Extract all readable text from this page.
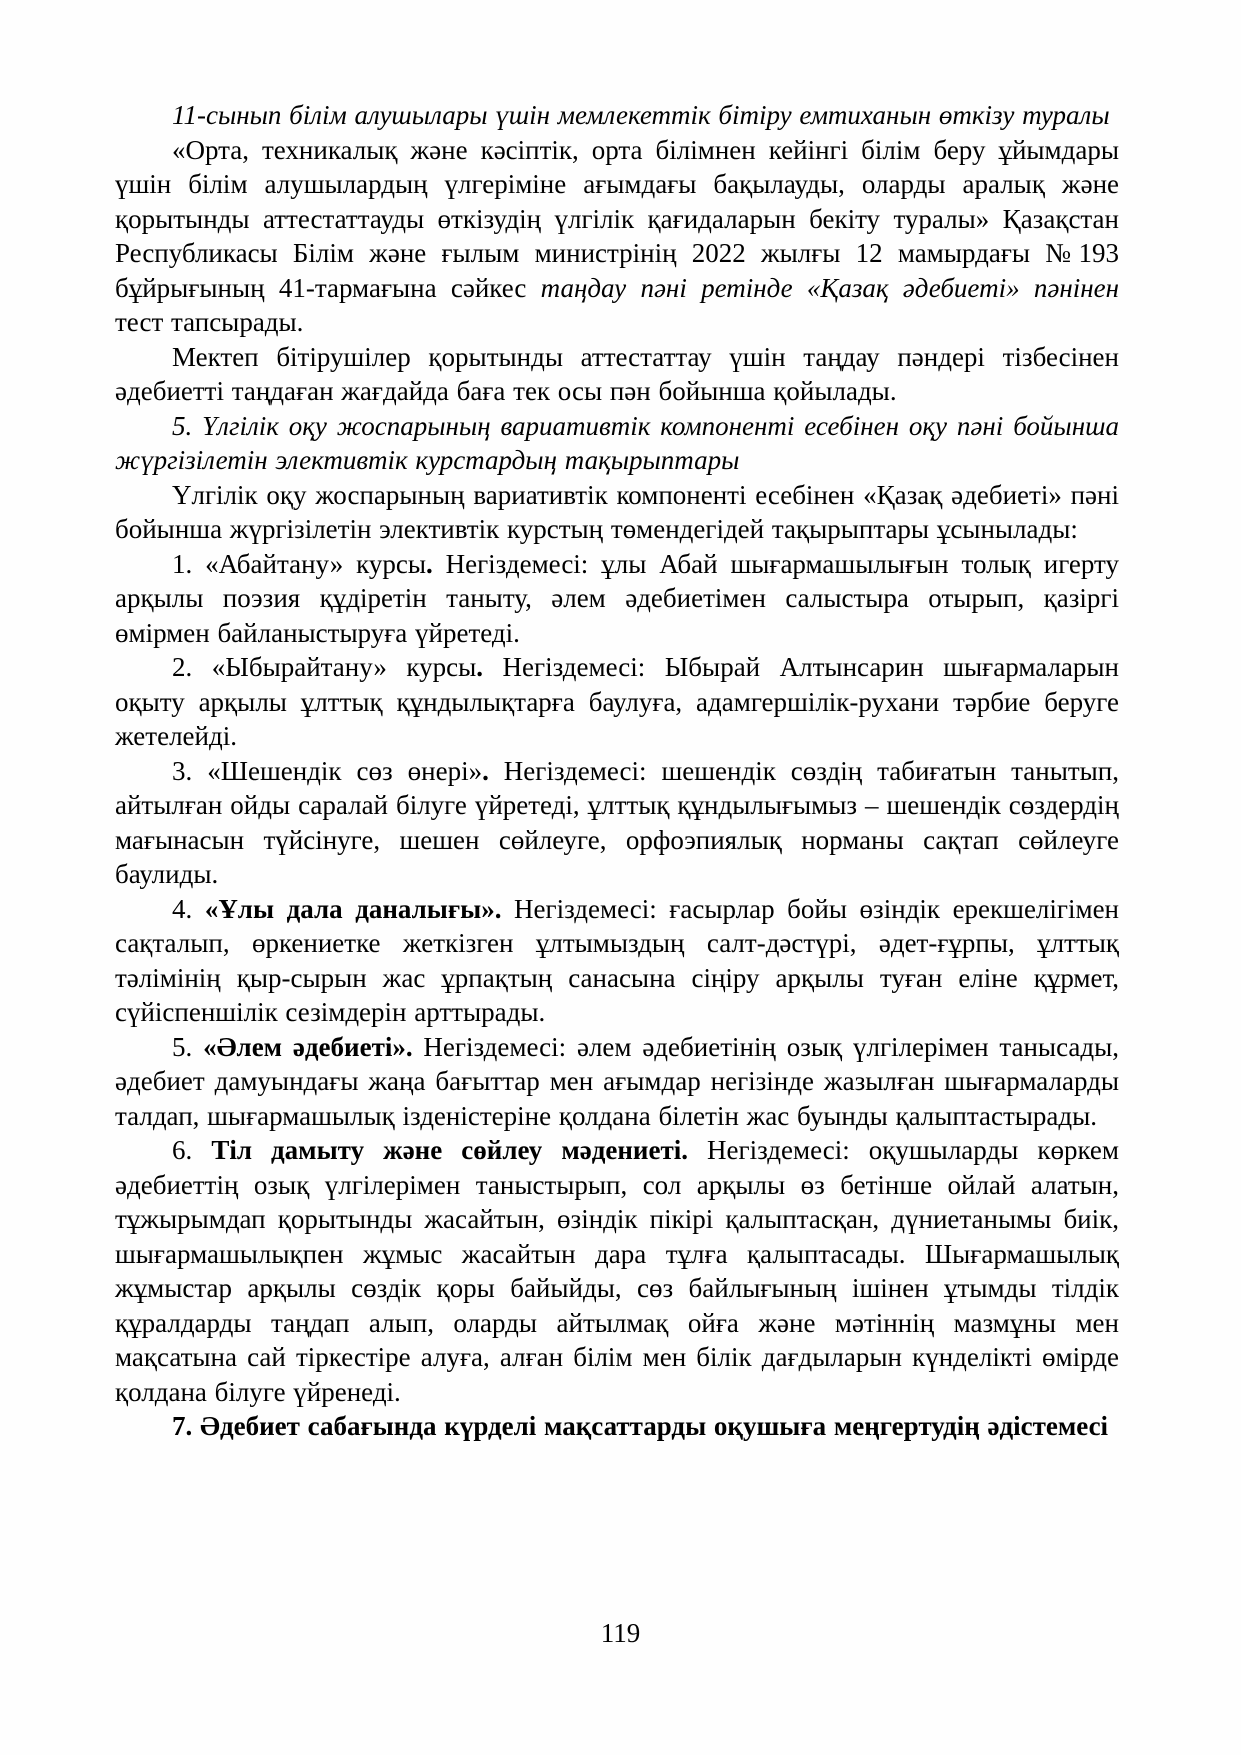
11-сынып білім алушылары үшін мемлекеттік бітіру емтиханын өткізу туралы

«Орта, техникалық және кәсіптік, орта білімнен кейінгі білім беру ұйымдары үшін білім алушылардың үлгеріміне ағымдағы бақылауды, оларды аралық және қорытынды аттестаттауды өткізудің үлгілік қағидаларын бекіту туралы» Қазақстан Республикасы Білім және ғылым министрінің 2022 жылғы 12 мамырдағы №193 бұйрығының 41-тармағына сәйкес таңдау пәні ретінде «Қазақ әдебиеті» пәнінен тест тапсырады.

Мектеп бітірушілер қорытынды аттестаттау үшін таңдау пәндері тізбесінен әдебиетті таңдаған жағдайда баға тек осы пән бойынша қойылады.

5. Үлгілік оқу жоспарының вариативтік компоненті есебінен оқу пәні бойынша жүргізілетін элективтік курстардың тақырыптары

Үлгілік оқу жоспарының вариативтік компоненті есебінен «Қазақ әдебиеті» пәні бойынша жүргізілетін элективтік курстың төмендегідей тақырыптары ұсынылады:

1. «Абайтану» курсы. Негіздемесі: ұлы Абай шығармашылығын толық игерту арқылы поэзия құдіретін таныту, әлем әдебиетімен салыстыра отырып, қазіргі өмірмен байланыстыруға үйретеді.

2. «Ыбырайтану» курсы. Негіздемесі: Ыбырай Алтынсарин шығармаларын оқыту арқылы ұлттық құндылықтарға баулуға, адамгершілік-рухани тәрбие беруге жетелейді.

3. «Шешендік сөз өнері». Негіздемесі: шешендік сөздің табиғатын танытып, айтылған ойды саралай білуге үйретеді, ұлттық құндылығымыз – шешендік сөздердің мағынасын түйсінуге, шешен сөйлеуге, орфоэпиялық норманы сақтап сөйлеуге баулиды.

4. «Ұлы дала даналығы». Негіздемесі: ғасырлар бойы өзіндік ерекшелігімен сақталып, өркениетке жеткізген ұлтымыздың салт-дәстүрі, әдет-ғұрпы, ұлттық тәлімінің қыр-сырын жас ұрпақтың санасына сіңіру арқылы туған еліне құрмет, сүйіспеншілік сезімдерін арттырады.

5. «Әлем әдебиеті». Негіздемесі: әлем әдебиетінің озық үлгілерімен танысады, әдебиет дамуындағы жаңа бағыттар мен ағымдар негізінде жазылған шығармаларды талдап, шығармашылық ізденістеріне қолдана білетін жас буынды қалыптастырады.

6. Тіл дамыту және сөйлеу мәдениеті. Негіздемесі: оқушыларды көркем әдебиеттің озық үлгілерімен таныстырып, сол арқылы өз бетінше ойлай алатын, тұжырымдап қорытынды жасайтын, өзіндік пікірі қалыптасқан, дүниетанымы биік, шығармашылықпен жұмыс жасайтын дара тұлға қалыптасады. Шығармашылық жұмыстар арқылы сөздік қоры байыйды, сөз байлығының ішінен ұтымды тілдік құралдарды таңдап алып, оларды айтылмақ ойға және мәтіннің мазмұны мен мақсатына сай тіркестіре алуға, алған білім мен білік дағдыларын күнделікті өмірде қолдана білуге үйренеді.

7. Әдебиет сабағында күрделі мақсаттарды оқушыға меңгертудің әдістемесі

119
